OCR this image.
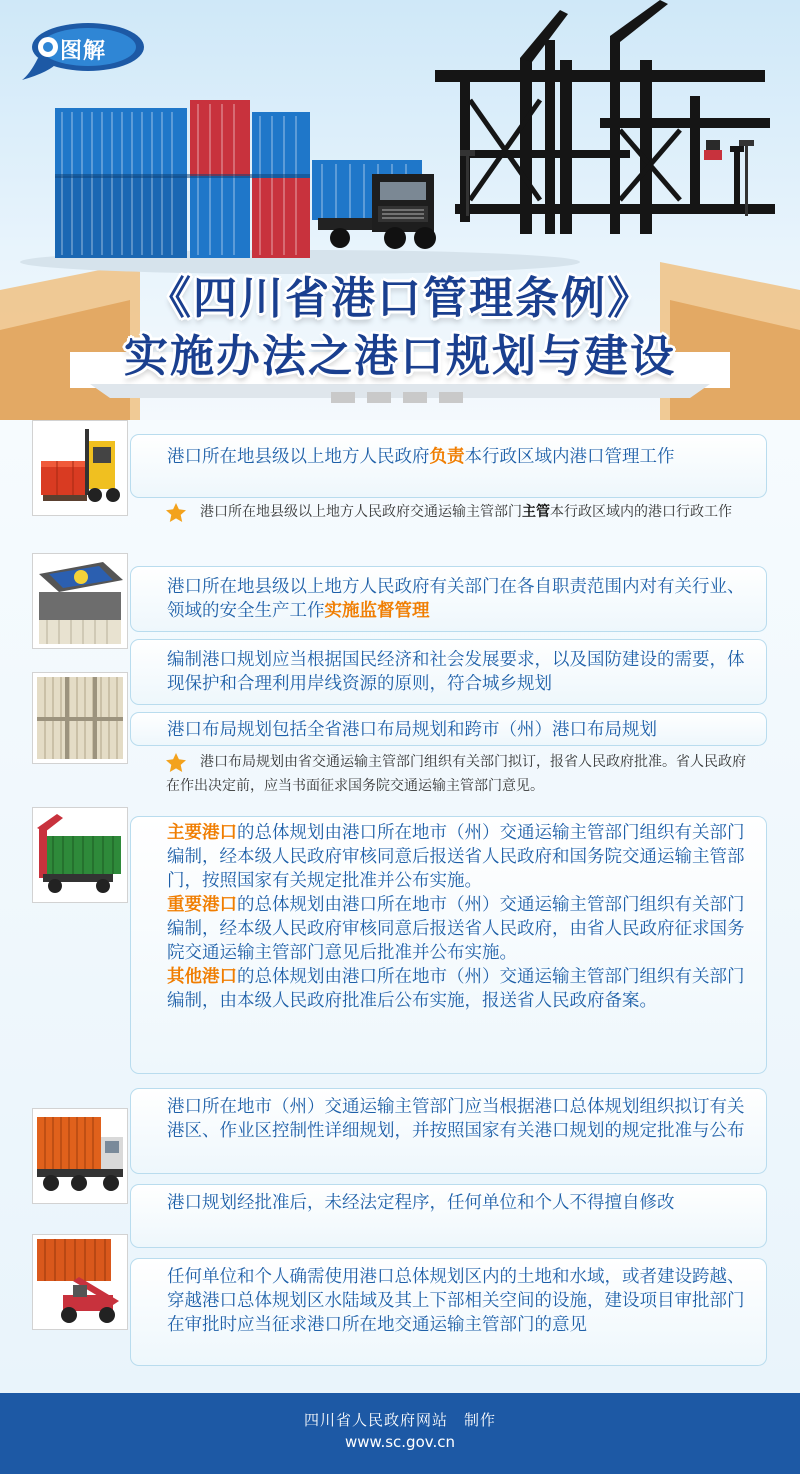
图解
《四川省港口管理条例》
实施办法之港口规划与建设
港口所在地县级以上地方人民政府负责本行政区域内港口管理工作
港口所在地县级以上地方人民政府交通运输主管部门主管本行政区域内的港口行政工作
港口所在地县级以上地方人民政府有关部门在各自职责范围内对有关行业、领域的安全生产工作实施监督管理
编制港口规划应当根据国民经济和社会发展要求，以及国防建设的需要，体现保护和合理利用岸线资源的原则，符合城乡规划
港口布局规划包括全省港口布局规划和跨市（州）港口布局规划
港口布局规划由省交通运输主管部门组织有关部门拟订，报省人民政府批准。省人民政府在作出决定前，应当书面征求国务院交通运输主管部门意见。

主要港口的总体规划由港口所在地市（州）交通运输主管部门组织有关部门编制，经本级人民政府审核同意后报送省人民政府和国务院交通运输主管部门，按照国家有关规定批准并公布实施。

重要港口的总体规划由港口所在地市（州）交通运输主管部门组织有关部门编制，经本级人民政府审核同意后报送省人民政府，由省人民政府征求国务院交通运输主管部门意见后批准并公布实施。

其他港口的总体规划由港口所在地市（州）交通运输主管部门组织有关部门编制，由本级人民政府批准后公布实施，报送省人民政府备案。

港口所在地市（州）交通运输主管部门应当根据港口总体规划组织拟订有关港区、作业区控制性详细规划，并按照国家有关港口规划的规定批准与公布
港口规划经批准后，未经法定程序，任何单位和个人不得擅自修改
任何单位和个人确需使用港口总体规划区内的土地和水域，或者建设跨越、穿越港口总体规划区水陆域及其上下部相关空间的设施，建设项目审批部门在审批时应当征求港口所在地交通运输主管部门的意见
四川省人民政府网站　制作
www.sc.gov.cn
